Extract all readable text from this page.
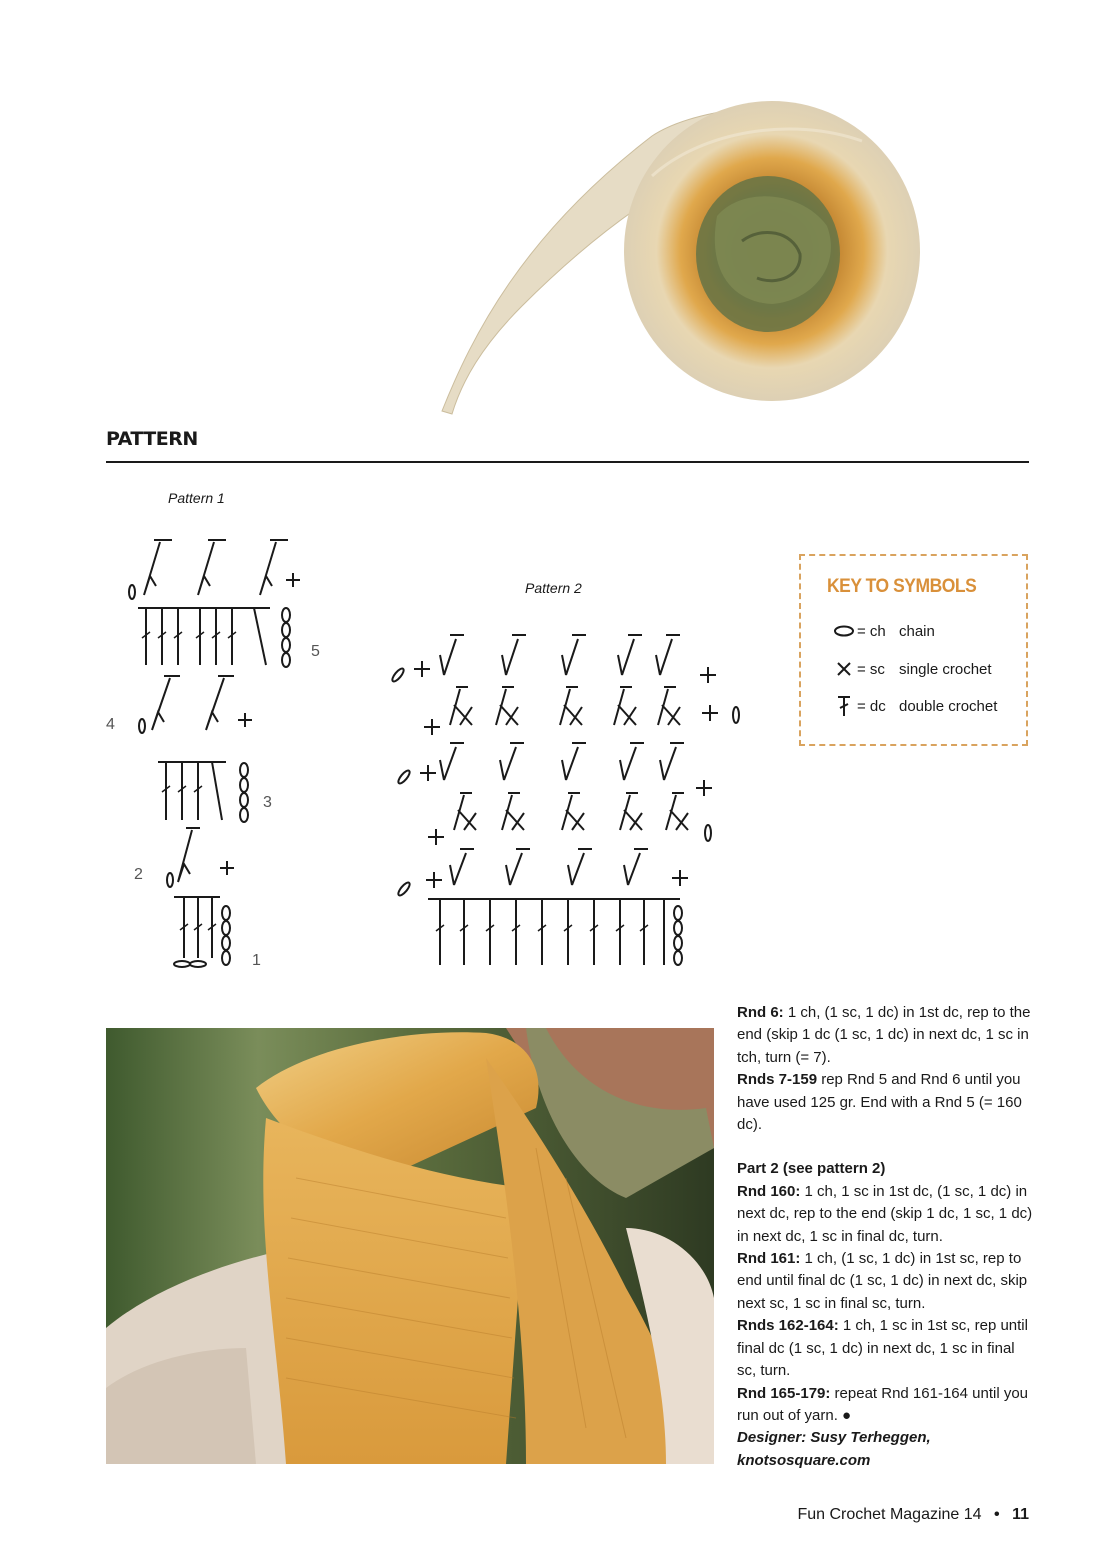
PATTERN
Pattern 1
Pattern 2
1
2
3
4
5
KEY TO SYMBOLS
= ch chain
= sc single crochet
= dc double crochet

Rnd 6: 1 ch, (1 sc, 1 dc) in 1st dc, rep to the end (skip 1 dc (1 sc, 1 dc) in next dc, 1 sc in tch, turn (= 7).

Rnds 7-159 rep Rnd 5 and Rnd 6 until you have used 125 gr. End with a Rnd 5 (= 160 dc).

Part 2 (see pattern 2)

Rnd 160: 1 ch, 1 sc in 1st dc, (1 sc, 1 dc) in next dc, rep to the end (skip 1 dc, 1 sc, 1 dc) in next dc, 1 sc in final dc, turn.

Rnd 161: 1 ch, (1 sc, 1 dc) in 1st sc, rep to end until final dc (1 sc, 1 dc) in next dc, skip next sc, 1 sc in final sc, turn.

Rnds 162-164: 1 ch, 1 sc in 1st sc, rep until final dc (1 sc, 1 dc) in next dc, 1 sc in final sc, turn.

Rnd 165-179: repeat Rnd 161-164 until you run out of yarn. ●

Designer: Susy Terheggen,

knotsosquare.com

Fun Crochet Magazine 14 • 11
